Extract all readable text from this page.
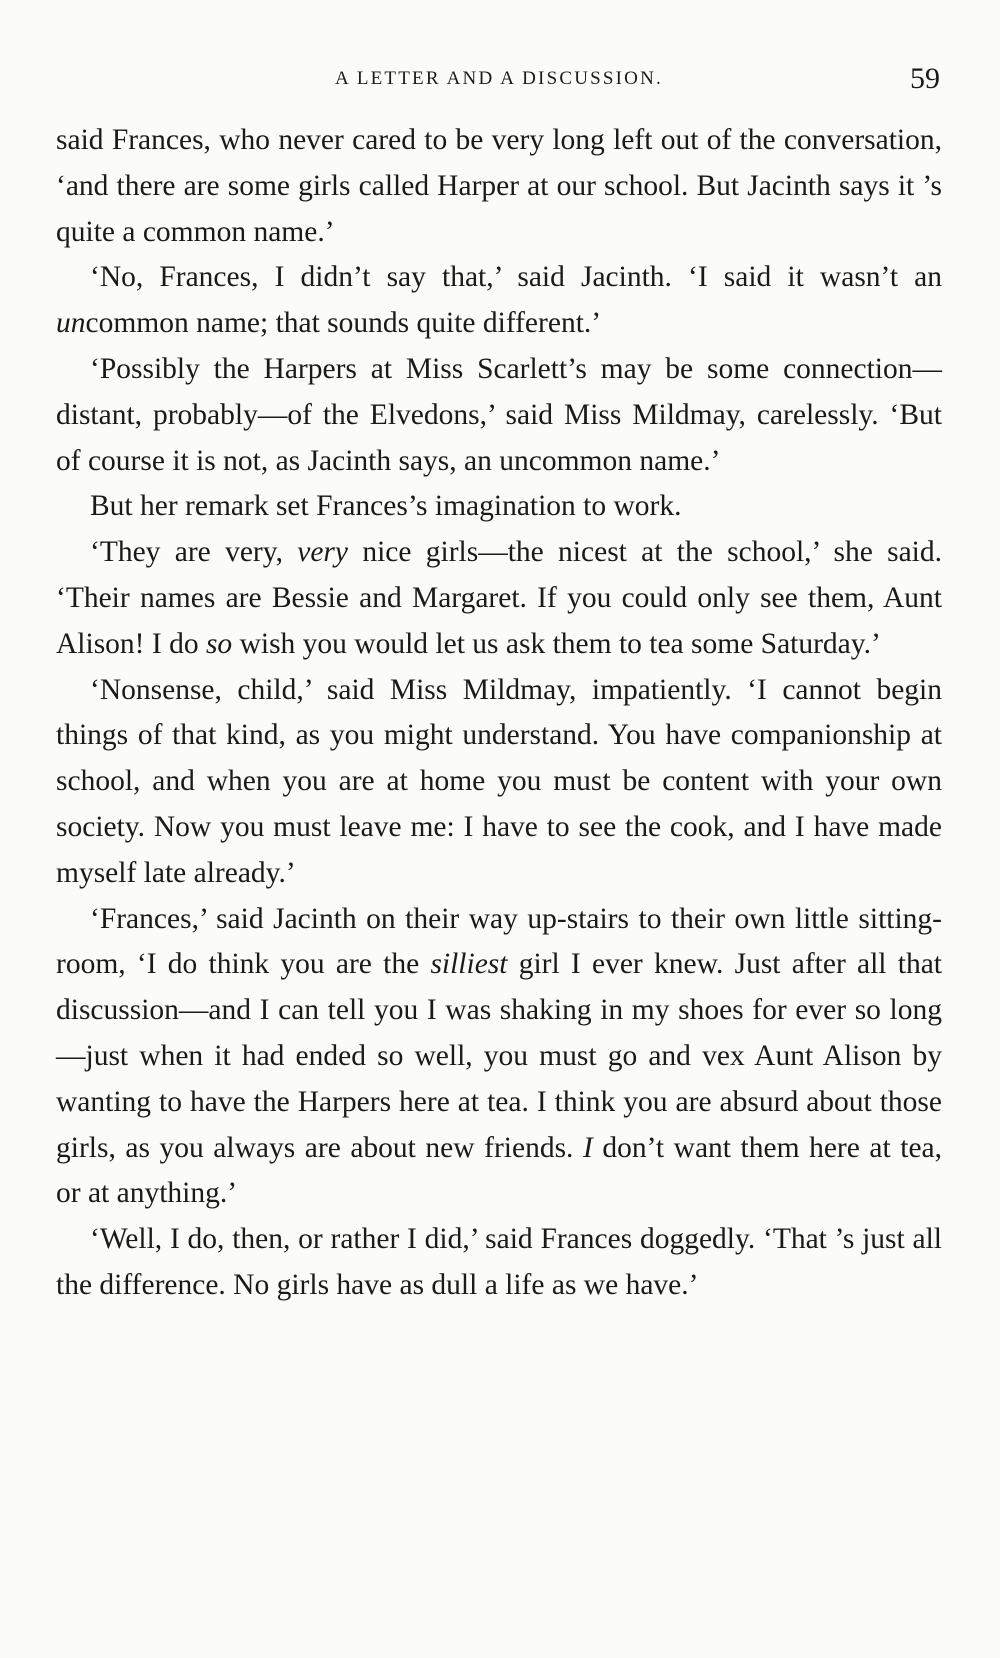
A LETTER AND A DISCUSSION.	59

said Frances, who never cared to be very long left out of the conversation, ‘and there are some girls called Harper at our school. But Jacinth says it ’s quite a common name.’

‘No, Frances, I didn’t say that,’ said Jacinth. ‘I said it wasn’t an uncommon name; that sounds quite different.’

‘Possibly the Harpers at Miss Scarlett’s may be some connection—distant, probably—of the Elvedons,’ said Miss Mildmay, carelessly. ‘But of course it is not, as Jacinth says, an uncommon name.’

But her remark set Frances’s imagination to work.

‘They are very, very nice girls—the nicest at the school,’ she said. ‘Their names are Bessie and Margaret. If you could only see them, Aunt Alison! I do so wish you would let us ask them to tea some Saturday.’

‘Nonsense, child,’ said Miss Mildmay, impatiently. ‘I cannot begin things of that kind, as you might understand. You have companionship at school, and when you are at home you must be content with your own society. Now you must leave me: I have to see the cook, and I have made myself late already.’

‘Frances,’ said Jacinth on their way up-stairs to their own little sitting-room, ‘I do think you are the silliest girl I ever knew. Just after all that discussion—and I can tell you I was shaking in my shoes for ever so long—just when it had ended so well, you must go and vex Aunt Alison by wanting to have the Harpers here at tea. I think you are absurd about those girls, as you always are about new friends. I don’t want them here at tea, or at anything.’

‘Well, I do, then, or rather I did,’ said Frances doggedly. ‘That ’s just all the difference. No girls have as dull a life as we have.’
